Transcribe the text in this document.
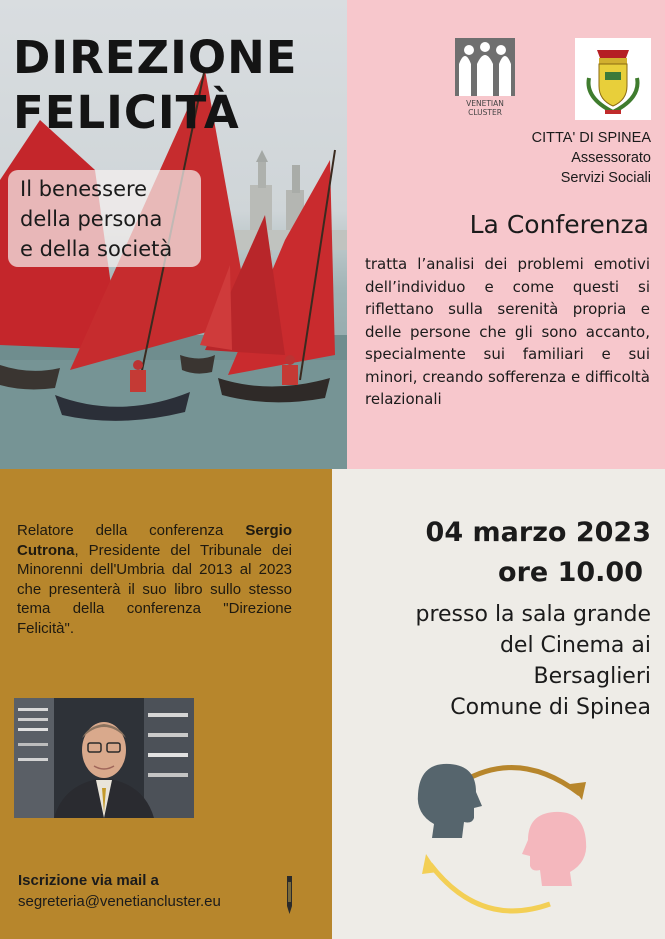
DIREZIONE
FELICITÀ
Il benessere
della persona
e della società
VENETIAN
CLUSTER
CITTA' DI SPINEA
Assessorato
Servizi Sociali
La Conferenza
tratta l’analisi dei problemi emotivi dell’individuo e come questi si riflettano sulla serenità propria e delle persone che gli sono accanto, specialmente sui familiari e sui minori, creando sofferenza e difficoltà relazionali
Relatore della conferenza Sergio Cutrona, Presidente del Tribunale dei Minorenni dell'Umbria dal 2013 al 2023 che presenterà il suo libro sullo stesso tema della conferenza "Direzione Felicità".
Iscrizione via mail a
segreteria@venetiancluster.eu
04 marzo 2023
ore 10.00
presso la sala grande
del Cinema ai
Bersaglieri
Comune di Spinea
